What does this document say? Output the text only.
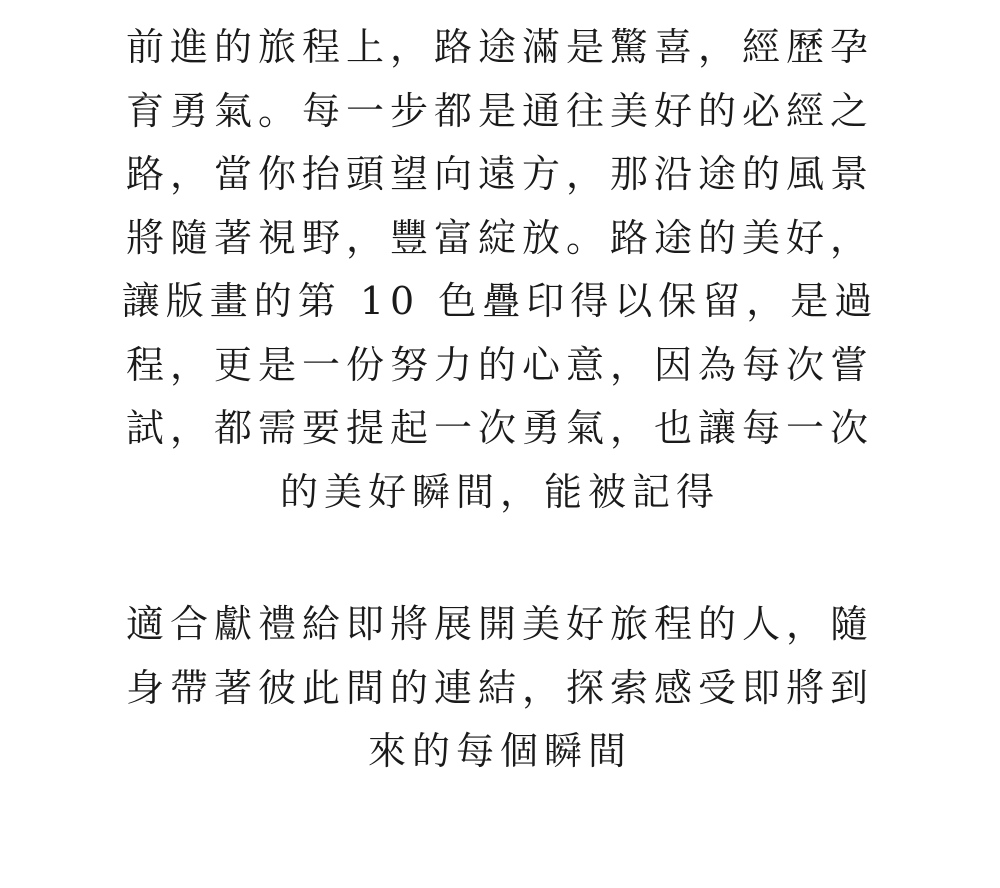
前進的旅程上，路途滿是驚喜，經歷孕
育勇氣。每一步都是通往美好的必經之
路，當你抬頭望向遠方，那沿途的風景
將隨著視野，豐富綻放。路途的美好，
讓版畫的第 10 色疊印得以保留，是過
程，更是一份努力的心意，因為每次嘗
試，都需要提起一次勇氣，也讓每一次
的美好瞬間，能被記得
適合獻禮給即將展開美好旅程的人，隨
身帶著彼此間的連結，探索感受即將到
來的每個瞬間
